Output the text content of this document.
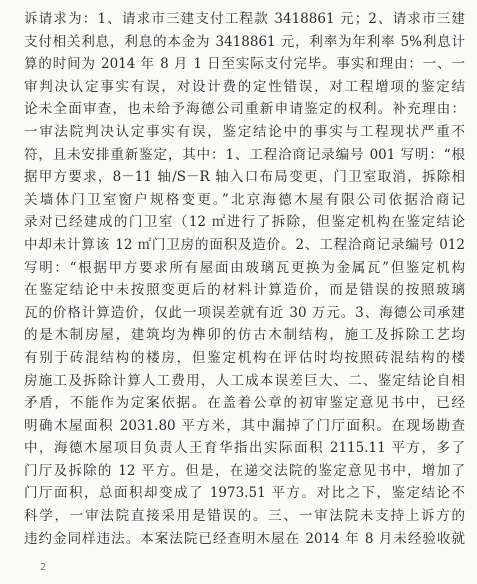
诉请求为：1、请求市三建支付工程款 3418861 元；2、请求市三建
支付相关利息，利息的本金为 3418861 元，利率为年利率 5%利息计
算的时间为 2014 年 8 月 1 日至实际支付完毕。事实和理由：一、一
审判决认定事实有误，对设计费的定性错误，对工程增项的鉴定结
论未全面审查，也未给予海德公司重新申请鉴定的权利。补充理由：
一审法院判决认定事实有误，鉴定结论中的事实与工程现状严重不
符，且未安排重新鉴定，其中：1、工程洽商记录编号 001 写明：“根
据甲方要求，8－11 轴/S－R 轴入口布局变更，门卫室取消，拆除相
关墙体门卫室窗户规格变更。”北京海德木屋有限公司依据洽商记
录对已经建成的门卫室（12 ㎡进行了拆除，但鉴定机构在鉴定结论
中却未计算该 12 ㎡门卫房的面积及造价。2、工程洽商记录编号 012
写明：“根据甲方要求所有屋面由玻璃瓦更换为金属瓦”但鉴定机构
在鉴定结论中未按照变更后的材料计算造价，而是错误的按照玻璃
瓦的价格计算造价，仅此一项误差就有近 30 万元。3、海德公司承建
的是木制房屋，建筑均为榫卯的仿古木制结构，施工及拆除工艺均
有别于砖混结构的楼房，但鉴定机构在评估时均按照砖混结构的楼
房施工及拆除计算人工费用，人工成本误差巨大、二、鉴定结论自相
矛盾，不能作为定案依据。在盖着公章的初审鉴定意见书中，已经
明确木屋面积 2031.80 平方米，其中漏掉了门厅面积。在现场勘查
中，海德木屋项目负责人王育华指出实际面积 2115.11 平方，多了
门厅及拆除的 12 平方。但是，在递交法院的鉴定意见书中，增加了
门厅面积，总面积却变成了 1973.51 平方。对比之下，鉴定结论不
科学，一审法院直接采用是错误的。三、一审法院未支持上诉方的
违约金同样违法。本案法院已经查明木屋在 2014 年 8 月未经验收就
2
